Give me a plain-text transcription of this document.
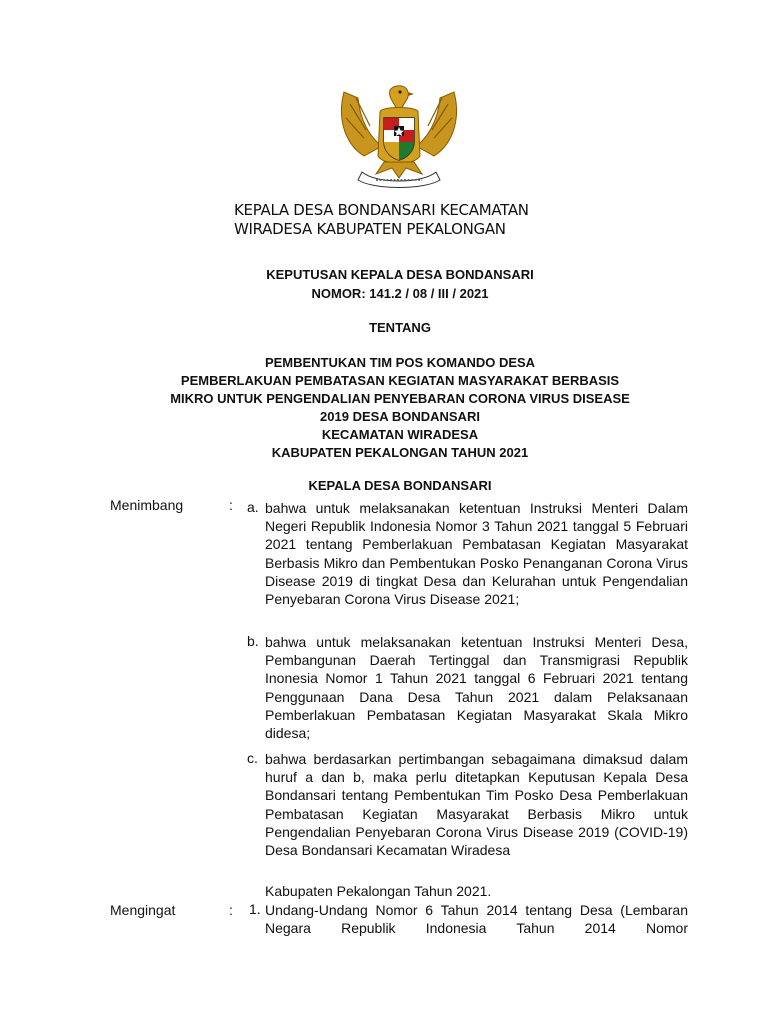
KEPALA DESA BONDANSARI KECAMATAN
WIRADESA KABUPATEN PEKALONGAN
KEPUTUSAN KEPALA DESA BONDANSARI
NOMOR: 141.2 / 08 / III / 2021
TENTANG
PEMBENTUKAN TIM POS KOMANDO DESA
PEMBERLAKUAN PEMBATASAN KEGIATAN MASYARAKAT BERBASIS
MIKRO UNTUK PENGENDALIAN PENYEBARAN CORONA VIRUS DISEASE
2019 DESA BONDANSARI
KECAMATAN WIRADESA
KABUPATEN PEKALONGAN TAHUN 2021
KEPALA DESA BONDANSARI
Menimbang	: a. bahwa untuk melaksanakan ketentuan Instruksi Menteri Dalam Negeri Republik Indonesia Nomor 3 Tahun 2021 tanggal 5 Februari 2021 tentang Pemberlakuan Pembatasan Kegiatan Masyarakat Berbasis Mikro dan Pembentukan Posko Penanganan Corona Virus Disease 2019 di tingkat Desa dan Kelurahan untuk Pengendalian Penyebaran Corona Virus Disease 2021;
b. bahwa untuk melaksanakan ketentuan Instruksi Menteri Desa, Pembangunan Daerah Tertinggal dan Transmigrasi Republik Inonesia Nomor 1 Tahun 2021 tanggal 6 Februari 2021 tentang Penggunaan Dana Desa Tahun 2021 dalam Pelaksanaan Pemberlakuan Pembatasan Kegiatan Masyarakat Skala Mikro didesa;
c. bahwa berdasarkan pertimbangan sebagaimana dimaksud dalam huruf a dan b, maka perlu ditetapkan Keputusan Kepala Desa Bondansari tentang Pembentukan Tim Posko Desa Pemberlakuan Pembatasan Kegiatan Masyarakat Berbasis Mikro untuk Pengendalian Penyebaran Corona Virus Disease 2019 (COVID-19) Desa Bondansari Kecamatan Wiradesa
Kabupaten Pekalongan Tahun 2021.
Mengingat	: 1. Undang-Undang Nomor 6 Tahun 2014 tentang Desa (Lembaran Negara Republik Indonesia Tahun 2014 Nomor
